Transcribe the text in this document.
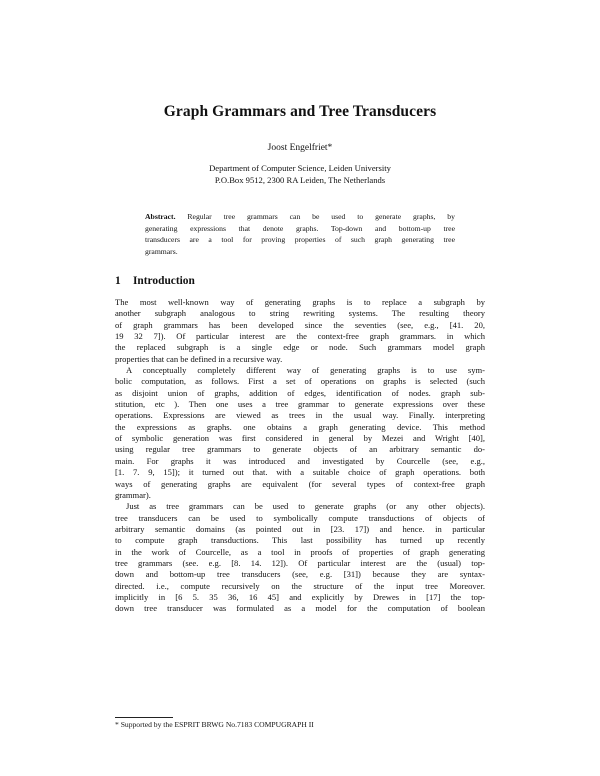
Graph Grammars and Tree Transducers
Joost Engelfriet*
Department of Computer Science, Leiden University
P.O.Box 9512, 2300 RA Leiden, The Netherlands
Abstract. Regular tree grammars can be used to generate graphs, by
generating expressions that denote graphs. Top-down and bottom-up tree
transducers are a tool for proving properties of such graph generating tree
grammars.
1 Introduction
The most well-known way of generating graphs is to replace a subgraph by
another subgraph analogous to string rewriting systems. The resulting theory
of graph grammars has been developed since the seventies (see, e.g., [41. 20,
19 32 7]). Of particular interest are the context-free graph grammars. in which
the replaced subgraph is a single edge or node. Such grammars model graph
properties that can be defined in a recursive way.
A conceptually completely different way of generating graphs is to use sym-
bolic computation, as follows. First a set of operations on graphs is selected (such
as disjoint union of graphs, addition of edges, identification of nodes. graph sub-
stitution, etc ). Then one uses a tree grammar to generate expressions over these
operations. Expressions are viewed as trees in the usual way. Finally. interpreting
the expressions as graphs. one obtains a graph generating device. This method
of symbolic generation was first considered in general by Mezei and Wright [40],
using regular tree grammars to generate objects of an arbitrary semantic do-
main. For graphs it was introduced and investigated by Courcelle (see, e.g.,
[1. 7. 9, 15]); it turned out that. with a suitable choice of graph operations. both
ways of generating graphs are equivalent (for several types of context-free graph
grammar).
Just as tree grammars can be used to generate graphs (or any other objects).
tree transducers can be used to symbolically compute transductions of objects of
arbitrary semantic domains (as pointed out in [23. 17]) and hence. in particular
to compute graph transductions. This last possibility has turned up recently
in the work of Courcelle, as a tool in proofs of properties of graph generating
tree grammars (see. e.g. [8. 14. 12]). Of particular interest are the (usual) top-
down and bottom-up tree transducers (see, e.g. [31]) because they are syntax-
directed. i.e., compute recursively on the structure of the input tree Moreover.
implicitly in [6 5. 35 36, 16 45] and explicitly by Drewes in [17] the top-
down tree transducer was formulated as a model for the computation of boolean
* Supported by the ESPRIT BRWG No.7183 COMPUGRAPH II
